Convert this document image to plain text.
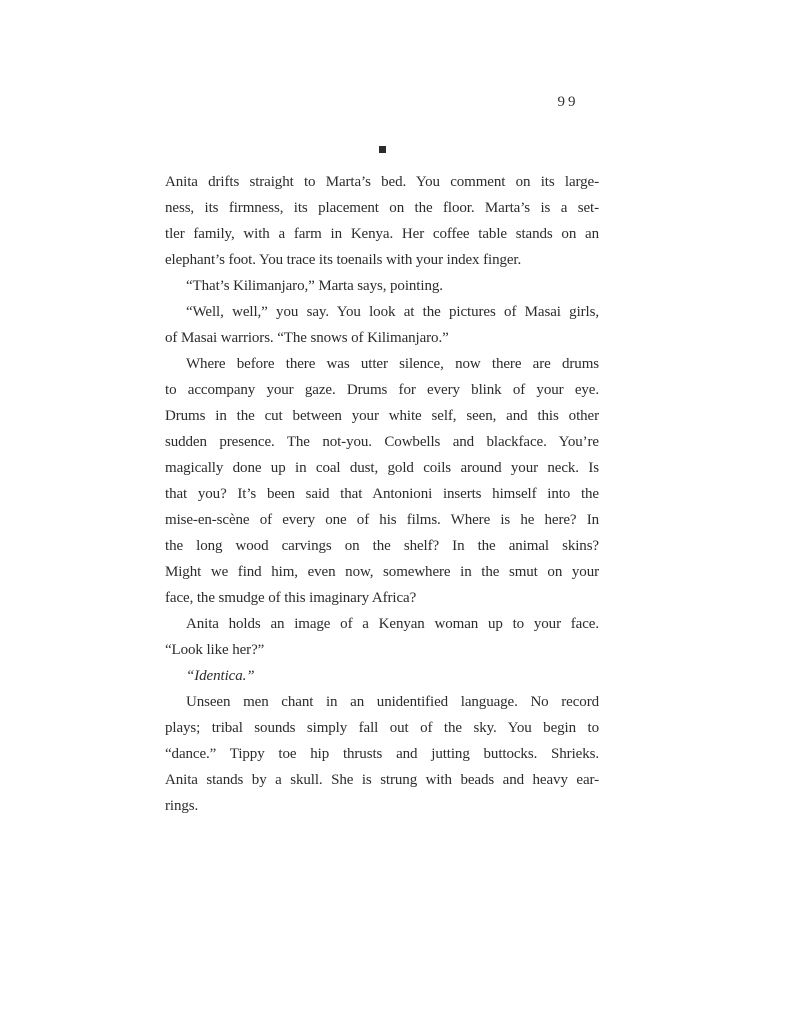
99
Anita drifts straight to Marta’s bed. You comment on its large-
ness, its firmness, its placement on the floor. Marta’s is a set-
tler family, with a farm in Kenya. Her coffee table stands on an
elephant’s foot. You trace its toenails with your index finger.
“That’s Kilimanjaro,” Marta says, pointing.
“Well, well,” you say. You look at the pictures of Masai girls,
of Masai warriors. “The snows of Kilimanjaro.”
Where before there was utter silence, now there are drums
to accompany your gaze. Drums for every blink of your eye.
Drums in the cut between your white self, seen, and this other
sudden presence. The not-you. Cowbells and blackface. You’re
magically done up in coal dust, gold coils around your neck. Is
that you? It’s been said that Antonioni inserts himself into the
mise-en-scène of every one of his films. Where is he here? In
the long wood carvings on the shelf? In the animal skins?
Might we find him, even now, somewhere in the smut on your
face, the smudge of this imaginary Africa?
Anita holds an image of a Kenyan woman up to your face.
“Look like her?”
“Identica.”
Unseen men chant in an unidentified language. No record
plays; tribal sounds simply fall out of the sky. You begin to
“dance.” Tippy toe hip thrusts and jutting buttocks. Shrieks.
Anita stands by a skull. She is strung with beads and heavy ear-
rings.
